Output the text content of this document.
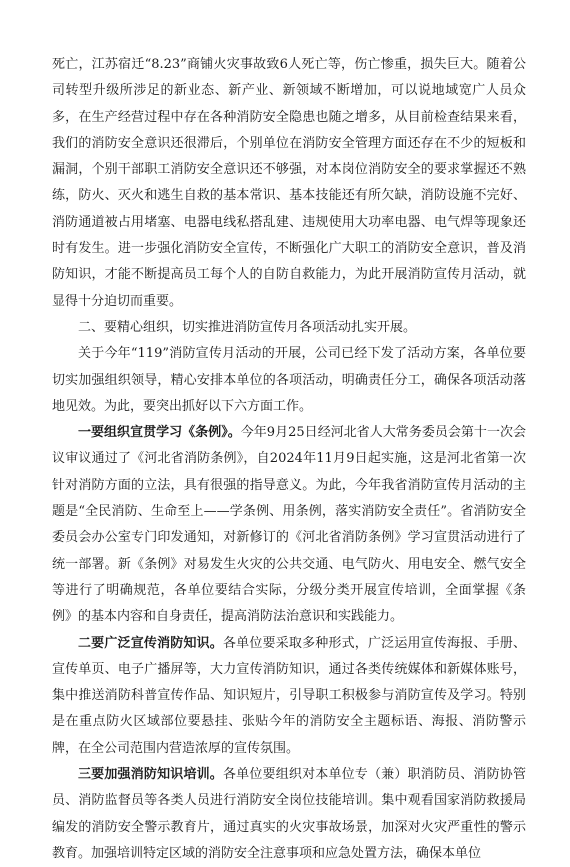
死亡，江苏宿迁“8.23”商铺火灾事故致6人死亡等，伤亡惨重，损失巨大。随着公司转型升级所涉足的新业态、新产业、新领域不断增加，可以说地域宽广人员众多，在生产经营过程中存在各种消防安全隐患也随之增多，从目前检查结果来看，我们的消防安全意识还很滞后，个别单位在消防安全管理方面还存在不少的短板和漏洞，个别干部职工消防安全意识还不够强，对本岗位消防安全的要求掌握还不熟练，防火、灭火和逃生自救的基本常识、基本技能还有所欠缺，消防设施不完好、消防通道被占用堵塞、电器电线私搭乱建、违规使用大功率电器、电气焊等现象还时有发生。进一步强化消防安全宣传，不断强化广大职工的消防安全意识，普及消防知识，才能不断提高员工每个人的自防自救能力，为此开展消防宣传月活动，就显得十分迫切而重要。

二、要精心组织，切实推进消防宣传月各项活动扎实开展。

关于今年“119”消防宣传月活动的开展，公司已经下发了活动方案，各单位要切实加强组织领导，精心安排本单位的各项活动，明确责任分工，确保各项活动落地见效。为此，要突出抓好以下六方面工作。

一要组织宣贯学习《条例》。今年9月25日经河北省人大常务委员会第十一次会议审议通过了《河北省消防条例》，自2024年11月9日起实施，这是河北省第一次针对消防方面的立法，具有很强的指导意义。为此，今年我省消防宣传月活动的主题是“全民消防、生命至上——学条例、用条例，落实消防安全责任”。省消防安全委员会办公室专门印发通知，对新修订的《河北省消防条例》学习宣贯活动进行了统一部署。新《条例》对易发生火灾的公共交通、电气防火、用电安全、燃气安全等进行了明确规范，各单位要结合实际，分级分类开展宣传培训，全面掌握《条例》的基本内容和自身责任，提高消防法治意识和实践能力。

二要广泛宣传消防知识。各单位要采取多种形式，广泛运用宣传海报、手册、宣传单页、电子广播屏等，大力宣传消防知识，通过各类传统媒体和新媒体账号，集中推送消防科普宣传作品、知识短片，引导职工积极参与消防宣传及学习。特别是在重点防火区域部位要悬挂、张贴今年的消防安全主题标语、海报、消防警示牌，在全公司范围内营造浓厚的宣传氛围。

三要加强消防知识培训。各单位要组织对本单位专（兼）职消防员、消防协管员、消防监督员等各类人员进行消防安全岗位技能培训。集中观看国家消防救援局编发的消防安全警示教育片，通过真实的火灾事故场景，加深对火灾严重性的警示教育。加强培训特定区域的消防安全注意事项和应急处置方法，确保本单位
